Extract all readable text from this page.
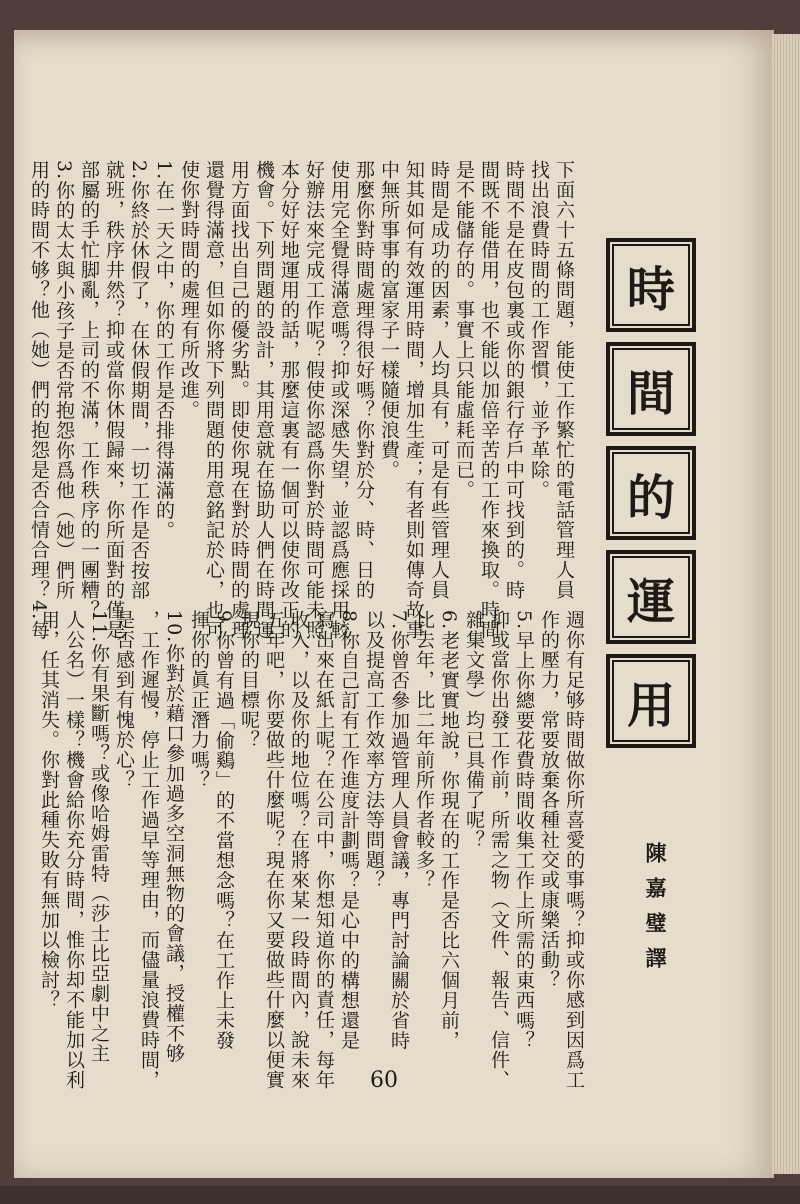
下面六十五條問題，能使工作繁忙的電話管理人員
找出浪費時間的工作習慣，並予革除。
時間不是在皮包裏或你的銀行存戶中可找到的。時
間既不能借用，也不能以加倍辛苦的工作來換取。時間
是不能儲存的。事實上只能虛耗而已。
時間是成功的因素，人均具有，可是有些管理人員
知其如何有效運用時間，增加生產；有者則如傳奇故事
中無所事事的富家子一樣隨便浪費。
那麼你對時間處理得很好嗎？你對於分、時、日的
使用完全覺得滿意嗎？抑或深感失望，並認爲應採用較
好辦法來完成工作呢？假使你認爲你對於時間可能未照
本分好好地運用的話，那麼這裏有一個可以使你改正的
機會。下列問題的設計，其用意就在協助人們在時間運
用方面找出自己的優劣點。即使你現在對於時間的處理
還覺得滿意，但如你將下列問題的用意銘記於心，也可
使你對時間的處理有所改進。
1.在一天之中，你的工作是否排得滿滿的。
2.你終於休假了，在休假期間，一切工作是否按部
就班，秩序井然？抑或當你休假歸來，你所面對的僅是
部屬的手忙脚亂，上司的不滿，工作秩序的一團糟？
3.你的太太與小孩子是否常抱怨你爲他（她）們所
用的時間不够？他（她）們的抱怨是否合情合理？4.每	時
間
的
運
用
陳嘉璧譯
週你有足够時間做你所喜愛的事嗎？抑或你感到因爲工
作的壓力，常要放棄各種社交或康樂活動？
5.早上你總要花費時間收集工作上所需的東西嗎？
抑或當你出發工作前，所需之物（文件、報告、信件、
雜集文學）均已具備了呢？
6.老老實實地說，你現在的工作是否比六個月前，
比去年，比二年前所作者較多？
7.你曾否參加過管理人員會議，專門討論關於省時
以及提高工作效率方法等問題？
8.你自己訂有工作進度計劃嗎？是心中的構想還是
寫出來在紙上呢？在公司中，你想知道你的責任，每年
收入，以及你的地位嗎？在將來某一段時間內，說未來
五年吧，你要做些什麼呢？現在你又要做些什麼以便實
現你的目標呢？
9.你曾有過「偷鷄」的不當想念嗎？在工作上未發
揮你的眞正潛力嗎？
10.你對於藉口參加過多空洞無物的會議，授權不够
，工作遲慢，停止工作過早等理由，而儘量浪費時間，
是否感到有愧於心？
11.你有果斷嗎？或像哈姆雷特（莎士比亞劇中之主
人公名）一樣？機會給你充分時間，惟你却不能加以利
用，任其消失。你對此種失敗有無加以檢討？
60
